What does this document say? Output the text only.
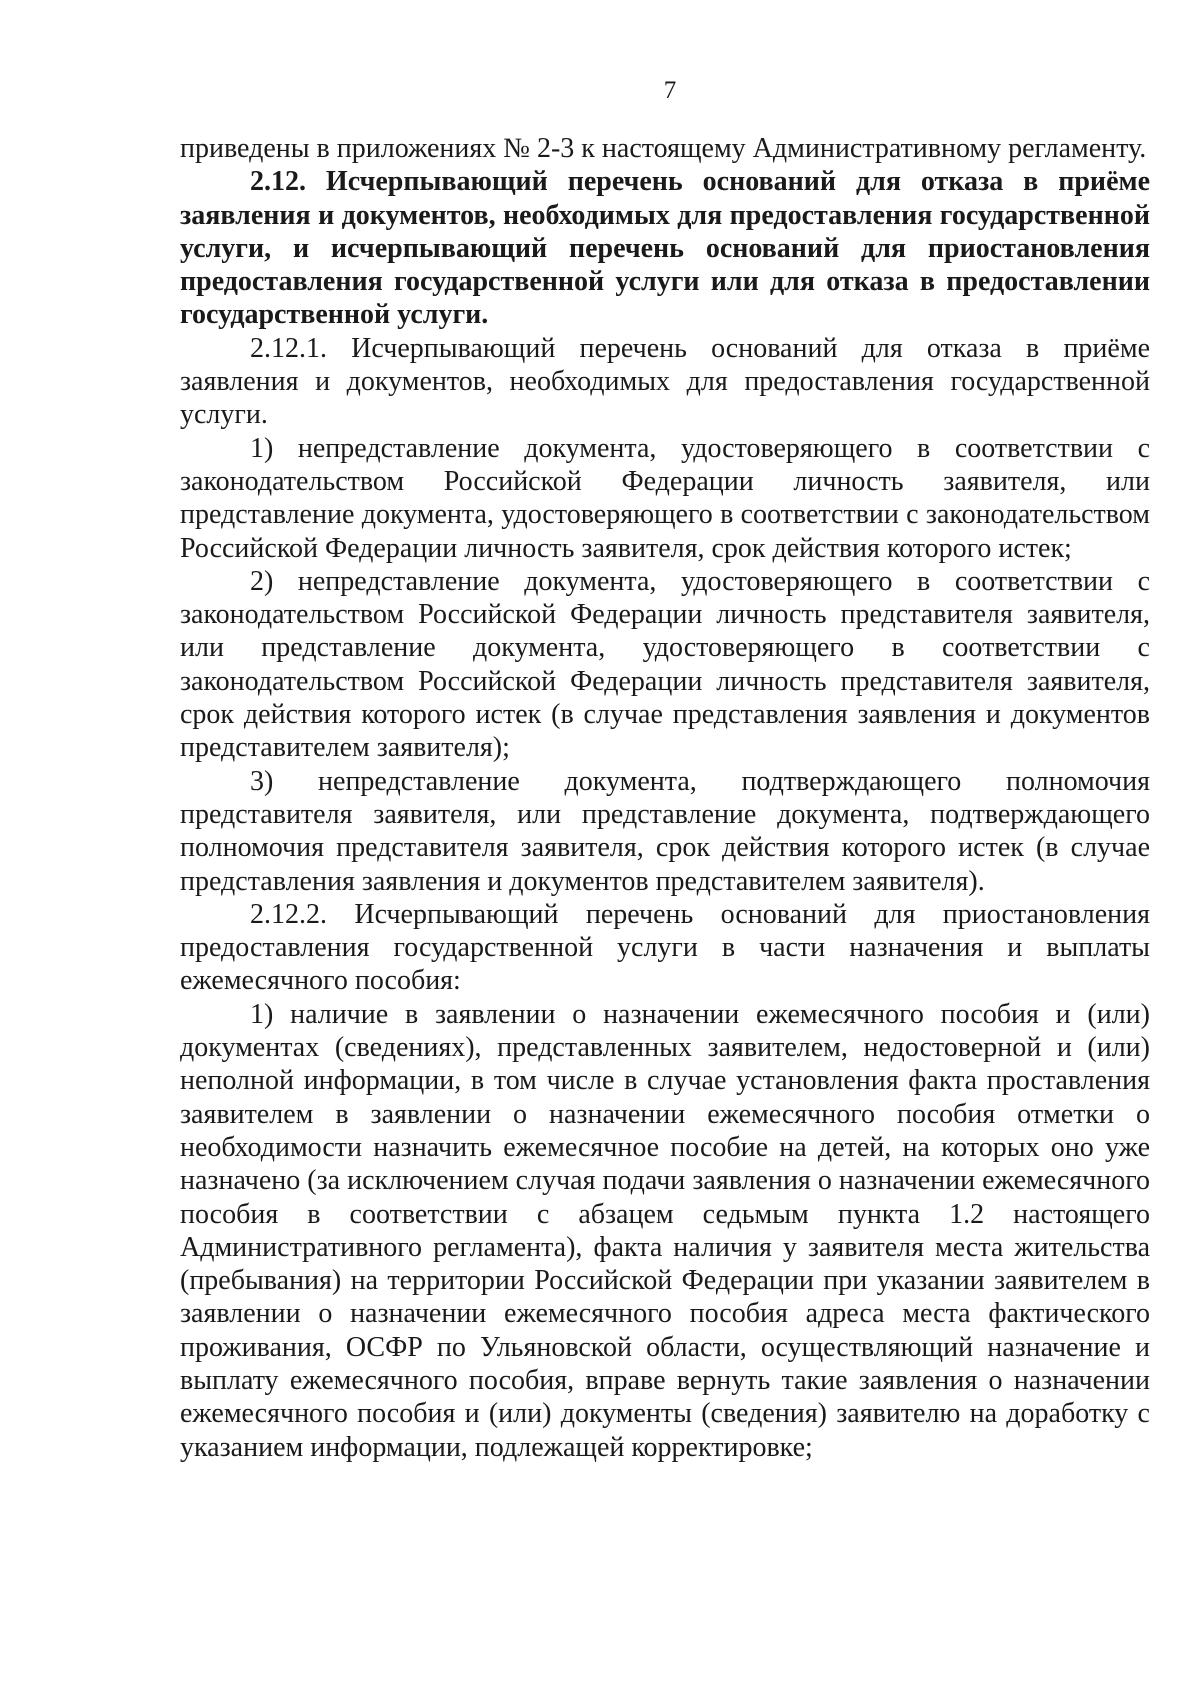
7

приведены в приложениях № 2-3 к настоящему Административному регламенту.

2.12. Исчерпывающий перечень оснований для отказа в приёме заявления и документов, необходимых для предоставления государственной услуги, и исчерпывающий перечень оснований для приостановления предоставления государственной услуги или для отказа в предоставлении государственной услуги.

2.12.1. Исчерпывающий перечень оснований для отказа в приёме заявления и документов, необходимых для предоставления государственной услуги.

1) непредставление документа, удостоверяющего в соответствии с законодательством Российской Федерации личность заявителя, или представление документа, удостоверяющего в соответствии с законодательством Российской Федерации личность заявителя, срок действия которого истек;

2) непредставление документа, удостоверяющего в соответствии с законодательством Российской Федерации личность представителя заявителя, или представление документа, удостоверяющего в соответствии с законодательством Российской Федерации личность представителя заявителя, срок действия которого истек (в случае представления заявления и документов представителем заявителя);

3) непредставление документа, подтверждающего полномочия представителя заявителя, или представление документа, подтверждающего полномочия представителя заявителя, срок действия которого истек (в случае представления заявления и документов представителем заявителя).

2.12.2. Исчерпывающий перечень оснований для приостановления предоставления государственной услуги в части назначения и выплаты ежемесячного пособия:

1) наличие в заявлении о назначении ежемесячного пособия и (или) документах (сведениях), представленных заявителем, недостоверной и (или) неполной информации, в том числе в случае установления факта проставления заявителем в заявлении о назначении ежемесячного пособия отметки о необходимости назначить ежемесячное пособие на детей, на которых оно уже назначено (за исключением случая подачи заявления о назначении ежемесячного пособия в соответствии с абзацем седьмым пункта 1.2 настоящего Административного регламента), факта наличия у заявителя места жительства (пребывания) на территории Российской Федерации при указании заявителем в заявлении о назначении ежемесячного пособия адреса места фактического проживания, ОСФР по Ульяновской области, осуществляющий назначение и выплату ежемесячного пособия, вправе вернуть такие заявления о назначении ежемесячного пособия и (или) документы (сведения) заявителю на доработку с указанием информации, подлежащей корректировке;
